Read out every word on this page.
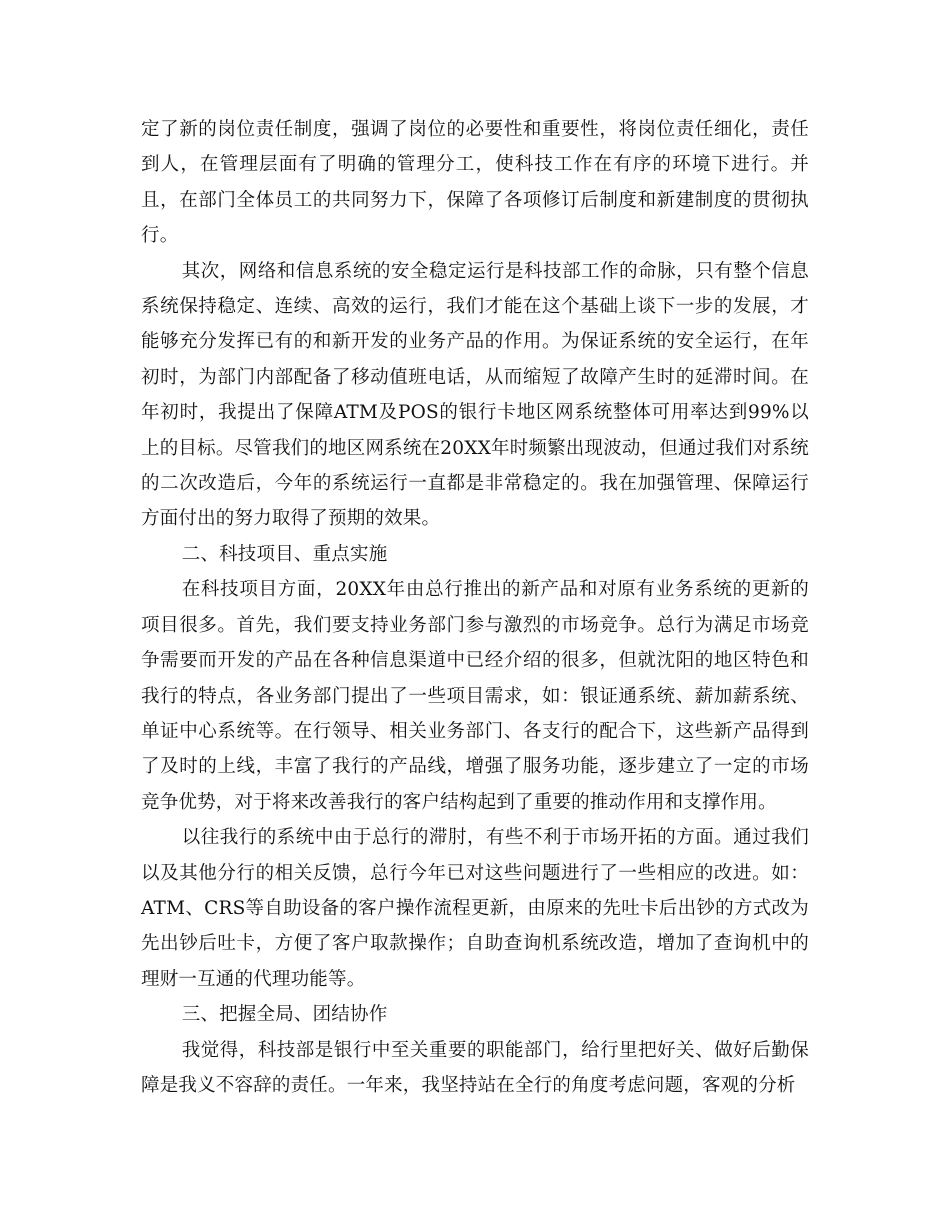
定了新的岗位责任制度，强调了岗位的必要性和重要性，将岗位责任细化，责任到人，在管理层面有了明确的管理分工，使科技工作在有序的环境下进行。并且，在部门全体员工的共同努力下，保障了各项修订后制度和新建制度的贯彻执行。

其次，网络和信息系统的安全稳定运行是科技部工作的命脉，只有整个信息系统保持稳定、连续、高效的运行，我们才能在这个基础上谈下一步的发展，才能够充分发挥已有的和新开发的业务产品的作用。为保证系统的安全运行，在年初时，为部门内部配备了移动值班电话，从而缩短了故障产生时的延滞时间。在年初时，我提出了保障ATM及POS的银行卡地区网系统整体可用率达到99%以上的目标。尽管我们的地区网系统在20XX年时频繁出现波动，但通过我们对系统的二次改造后，今年的系统运行一直都是非常稳定的。我在加强管理、保障运行方面付出的努力取得了预期的效果。

二、科技项目、重点实施

在科技项目方面，20XX年由总行推出的新产品和对原有业务系统的更新的项目很多。首先，我们要支持业务部门参与激烈的市场竞争。总行为满足市场竞争需要而开发的产品在各种信息渠道中已经介绍的很多，但就沈阳的地区特色和我行的特点，各业务部门提出了一些项目需求，如：银证通系统、薪加薪系统、单证中心系统等。在行领导、相关业务部门、各支行的配合下，这些新产品得到了及时的上线，丰富了我行的产品线，增强了服务功能，逐步建立了一定的市场竞争优势，对于将来改善我行的客户结构起到了重要的推动作用和支撑作用。

以往我行的系统中由于总行的滞肘，有些不利于市场开拓的方面。通过我们以及其他分行的相关反馈，总行今年已对这些问题进行了一些相应的改进。如：ATM、CRS等自助设备的客户操作流程更新，由原来的先吐卡后出钞的方式改为先出钞后吐卡，方便了客户取款操作；自助查询机系统改造，增加了查询机中的理财一互通的代理功能等。

三、把握全局、团结协作

我觉得，科技部是银行中至关重要的职能部门，给行里把好关、做好后勤保障是我义不容辞的责任。一年来，我坚持站在全行的角度考虑问题，客观的分析
